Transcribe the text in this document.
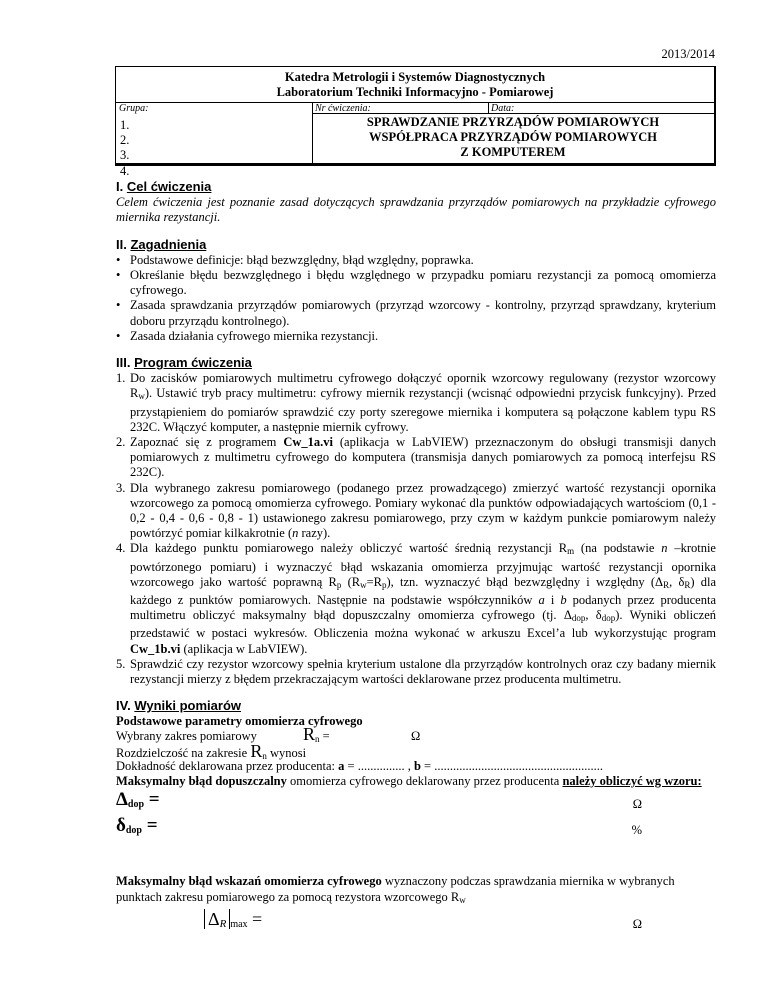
2013/2014
Katedra Metrologii i Systemów Diagnostycznych
Laboratorium Techniki Informacyjno - Pomiarowej
Grupa:	Nr ćwiczenia:	Data:
1.
2.
3.
4.
SPRAWDZANIE PRZYRZĄDÓW POMIAROWYCH
WSPÓŁPRACA PRZYRZĄDÓW POMIAROWYCH
Z KOMPUTEREM
I. Cel ćwiczenia
Celem ćwiczenia jest poznanie zasad dotyczących sprawdzania przyrządów pomiarowych na przykładzie cyfrowego miernika rezystancji.
II. Zagadnienia
• Podstawowe definicje: błąd bezwzględny, błąd względny, poprawka.
• Określanie błędu bezwzględnego i błędu względnego w przypadku pomiaru rezystancji za pomocą omomierza cyfrowego.
• Zasada sprawdzania przyrządów pomiarowych (przyrząd wzorcowy - kontrolny, przyrząd sprawdzany, kryterium doboru przyrządu kontrolnego).
• Zasada działania cyfrowego miernika rezystancji.
III. Program ćwiczenia
1. Do zacisków pomiarowych multimetru cyfrowego dołączyć opornik wzorcowy regulowany (rezystor wzorcowy $R_w$). Ustawić tryb pracy multimetru: cyfrowy miernik rezystancji (wcisnąć odpowiedni przycisk funkcyjny). Przed przystąpieniem do pomiarów sprawdzić czy porty szeregowe miernika i komputera są połączone kablem typu RS 232C. Włączyć komputer, a następnie miernik cyfrowy.
2. Zapoznać się z programem Cw_1a.vi (aplikacja w LabVIEW) przeznaczonym do obsługi transmisji danych pomiarowych z multimetru cyfrowego do komputera (transmisja danych pomiarowych za pomocą interfejsu RS 232C).
3. Dla wybranego zakresu pomiarowego (podanego przez prowadzącego) zmierzyć wartość rezystancji opornika wzorcowego za pomocą omomierza cyfrowego. Pomiary wykonać dla punktów odpowiadających wartościom (0,1 - 0,2 - 0,4 - 0,6 - 0,8 - 1) ustawionego zakresu pomiarowego, przy czym w każdym punkcie pomiarowym należy powtórzyć pomiar kilkakrotnie (n razy).
4. Dla każdego punktu pomiarowego należy obliczyć wartość średnią rezystancji $R_m$ (na podstawie n –krotnie powtórzonego pomiaru) i wyznaczyć błąd wskazania omomierza przyjmując wartość rezystancji opornika wzorcowego jako wartość poprawną $R_p$ $(R_w=R_p)$, tzn. wyznaczyć błąd bezwzględny i względny ($\Delta_R$, $\delta_R$) dla każdego z punktów pomiarowych. Następnie na podstawie współczynników a i b podanych przez producenta multimetru obliczyć maksymalny błąd dopuszczalny omomierza cyfrowego (tj. $\Delta_{dop}$, $\delta_{dop}$). Wyniki obliczeń przedstawić w postaci wykresów. Obliczenia można wykonać w arkuszu Excel’a lub wykorzystując program Cw_1b.vi (aplikacja w LabVIEW).
5. Sprawdzić czy rezystor wzorcowy spełnia kryterium ustalone dla przyrządów kontrolnych oraz czy badany miernik rezystancji mierzy z błędem przekraczającym wartości deklarowane przez producenta multimetru.
IV. Wyniki pomiarów
Podstawowe parametry omomierza cyfrowego
Wybrany zakres pomiarowy	$R_n$ =	Ω
Rozdzielczość na zakresie $R_n$ wynosi
Dokładność deklarowana przez producenta: a = ............... , b = ......................................................
Maksymalny błąd dopuszczalny omomierza cyfrowego deklarowany przez producenta należy obliczyć wg wzoru:
$\Delta_{dop}$ =	Ω
$\delta_{dop}$ =	%
Maksymalny błąd wskazań omomierza cyfrowego wyznaczony podczas sprawdzania miernika w wybranych punktach zakresu pomiarowego za pomocą rezystora wzorcowego $R_w$
ΔR $_{max}$ =	Ω
